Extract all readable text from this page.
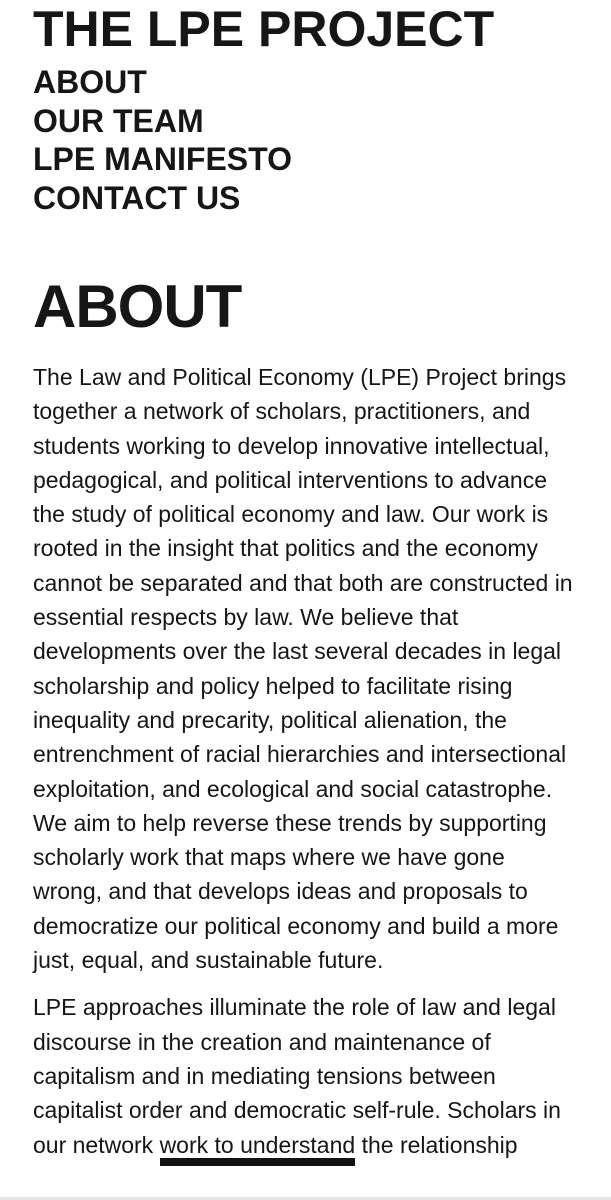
THE LPE PROJECT
ABOUT
OUR TEAM
LPE MANIFESTO
CONTACT US
ABOUT

The Law and Political Economy (LPE) Project brings together a network of scholars, practitioners, and students working to develop innovative intellectual, pedagogical, and political interventions to advance the study of political economy and law. Our work is rooted in the insight that politics and the economy cannot be separated and that both are constructed in essential respects by law. We believe that developments over the last several decades in legal scholarship and policy helped to facilitate rising inequality and precarity, political alienation, the entrenchment of racial hierarchies and intersectional exploitation, and ecological and social catastrophe. We aim to help reverse these trends by supporting scholarly work that maps where we have gone wrong, and that develops ideas and proposals to democratize our political economy and build a more just, equal, and sustainable future.

LPE approaches illuminate the role of law and legal discourse in the creation and maintenance of capitalism and in mediating tensions between capitalist order and democratic self-rule. Scholars in our network work to understand the relationship
